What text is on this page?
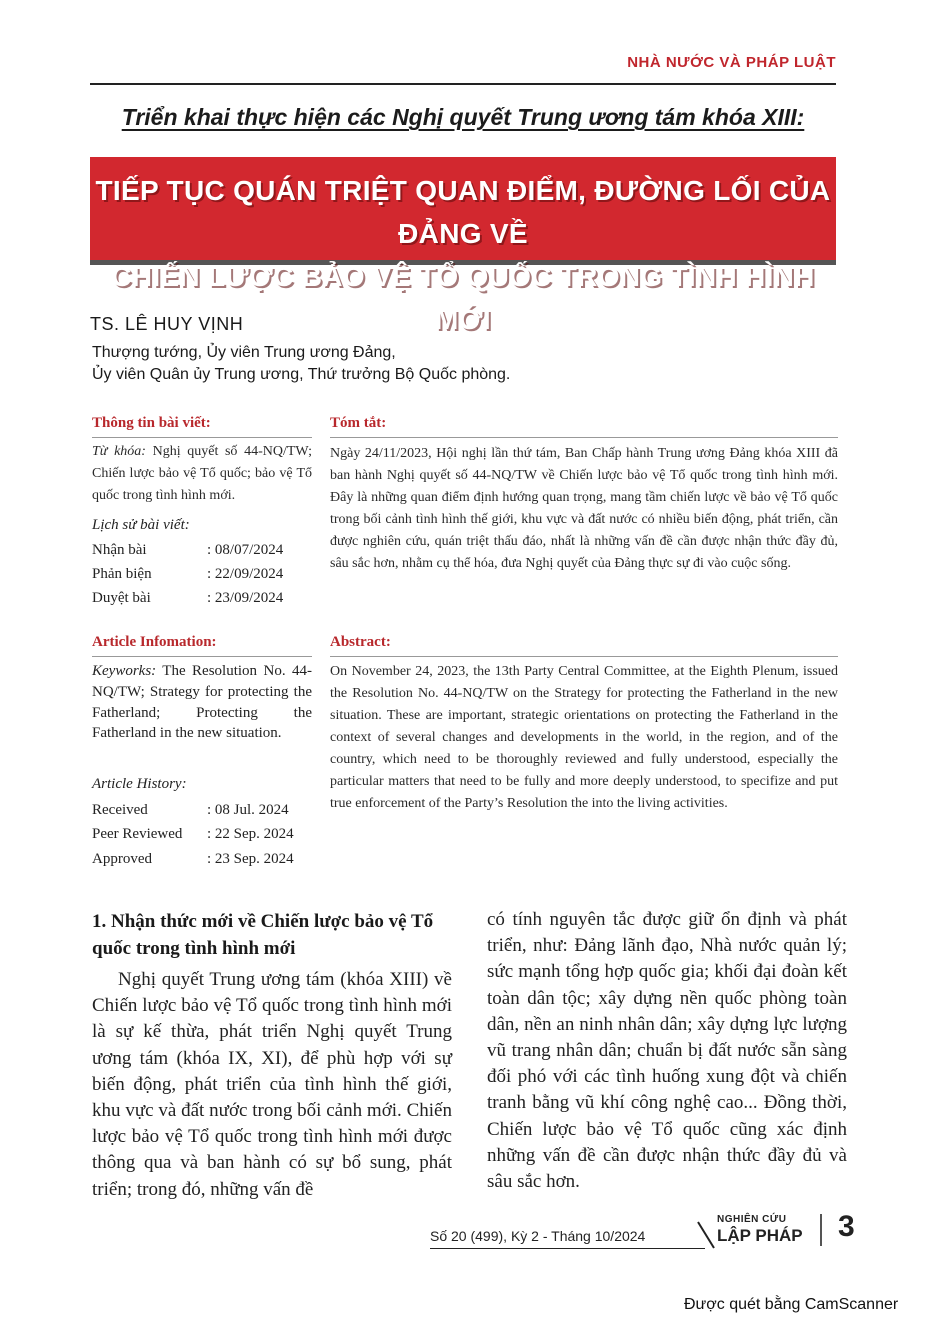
NHÀ NƯỚC VÀ PHÁP LUẬT
Triển khai thực hiện các Nghị quyết Trung ương tám khóa XIII:
TIẾP TỤC QUÁN TRIỆT QUAN ĐIỂM, ĐƯỜNG LỐI CỦA ĐẢNG VỀ
CHIẾN LƯỢC BẢO VỆ TỔ QUỐC TRONG TÌNH HÌNH MỚI
TS. LÊ HUY VỊNH
Thượng tướng, Ủy viên Trung ương Đảng,
Ủy viên Quân ủy Trung ương, Thứ trưởng Bộ Quốc phòng.
Thông tin bài viết:
Từ khóa: Nghị quyết số 44-NQ/TW; Chiến lược bảo vệ Tổ quốc; bảo vệ Tổ quốc trong tình hình mới.
Lịch sử bài viết:
Nhận bài	: 08/07/2024
Phản biện	: 22/09/2024
Duyệt bài	: 23/09/2024
Tóm tắt:
Ngày 24/11/2023, Hội nghị lần thứ tám, Ban Chấp hành Trung ương Đảng khóa XIII đã ban hành Nghị quyết số 44-NQ/TW về Chiến lược bảo vệ Tổ quốc trong tình hình mới. Đây là những quan điểm định hướng quan trọng, mang tầm chiến lược về bảo vệ Tổ quốc trong bối cảnh tình hình thế giới, khu vực và đất nước có nhiều biến động, phát triển, cần được nghiên cứu, quán triệt thấu đáo, nhất là những vấn đề cần được nhận thức đầy đủ, sâu sắc hơn, nhằm cụ thể hóa, đưa Nghị quyết của Đảng thực sự đi vào cuộc sống.
Article Infomation:
Keyworks: The Resolution No. 44-NQ/TW; Strategy for protecting the Fatherland; Protecting the Fatherland in the new situation.
Article History:
Received	: 08 Jul. 2024
Peer Reviewed : 22 Sep. 2024
Approved	: 23 Sep. 2024
Abstract:
On November 24, 2023, the 13th Party Central Committee, at the Eighth Plenum, issued the Resolution No. 44-NQ/TW on the Strategy for protecting the Fatherland in the new situation. These are important, strategic orientations on protecting the Fatherland in the context of several changes and developments in the world, in the region, and of the country, which need to be thoroughly reviewed and fully understood, especially the particular matters that need to be fully and more deeply understood, to specifize and put true enforcement of the Party’s Resolution the into the living activities.
1. Nhận thức mới về Chiến lược bảo vệ Tổ quốc trong tình hình mới
Nghị quyết Trung ương tám (khóa XIII) về Chiến lược bảo vệ Tổ quốc trong tình hình mới là sự kế thừa, phát triển Nghị quyết Trung ương tám (khóa IX, XI), để phù hợp với sự biến động, phát triển của tình hình thế giới, khu vực và đất nước trong bối cảnh mới. Chiến lược bảo vệ Tổ quốc trong tình hình mới được thông qua và ban hành có sự bổ sung, phát triển; trong đó, những vấn đề
có tính nguyên tắc được giữ ổn định và phát triển, như: Đảng lãnh đạo, Nhà nước quản lý; sức mạnh tổng hợp quốc gia; khối đại đoàn kết toàn dân tộc; xây dựng nền quốc phòng toàn dân, nền an ninh nhân dân; xây dựng lực lượng vũ trang nhân dân; chuẩn bị đất nước sẵn sàng đối phó với các tình huống xung đột và chiến tranh bằng vũ khí công nghệ cao... Đồng thời, Chiến lược bảo vệ Tổ quốc cũng xác định những vấn đề cần được nhận thức đầy đủ và sâu sắc hơn.
Số 20 (499), Kỳ 2 - Tháng 10/2024
NGHIÊN CỨU
LẬP PHÁP 3
Được quét bằng CamScanner
